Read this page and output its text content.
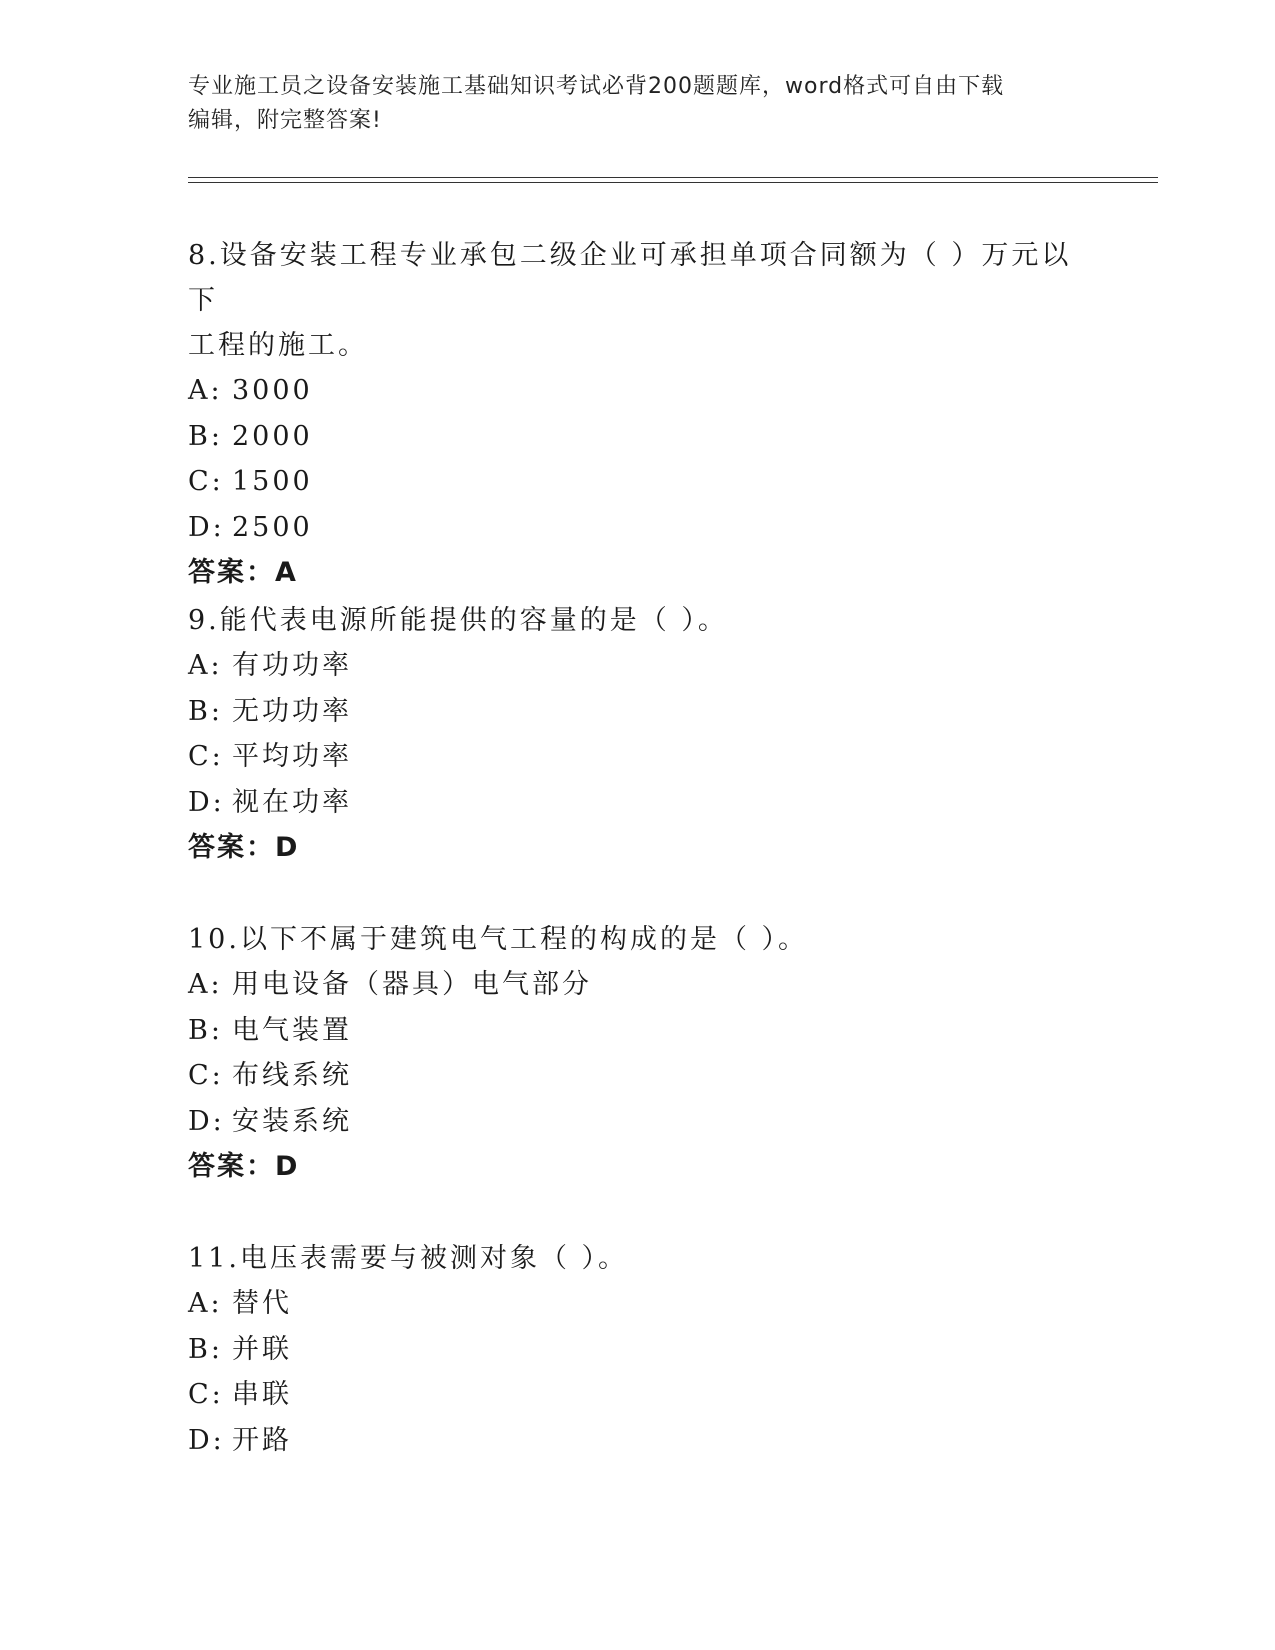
专业施工员之设备安装施工基础知识考试必背200题题库，word格式可自由下载
编辑，附完整答案!

8.设备安装工程专业承包二级企业可承担单项合同额为（ ）万元以下

工程的施工。

A: 3000

B: 2000

C: 1500

D: 2500

答案：A

9.能代表电源所能提供的容量的是（ ）。

A: 有功功率

B: 无功功率

C: 平均功率

D: 视在功率

答案：D

10.以下不属于建筑电气工程的构成的是（ ）。

A: 用电设备（器具）电气部分

B: 电气装置

C: 布线系统

D: 安装系统

答案：D

11.电压表需要与被测对象（ ）。

A: 替代

B: 并联

C: 串联

D: 开路
